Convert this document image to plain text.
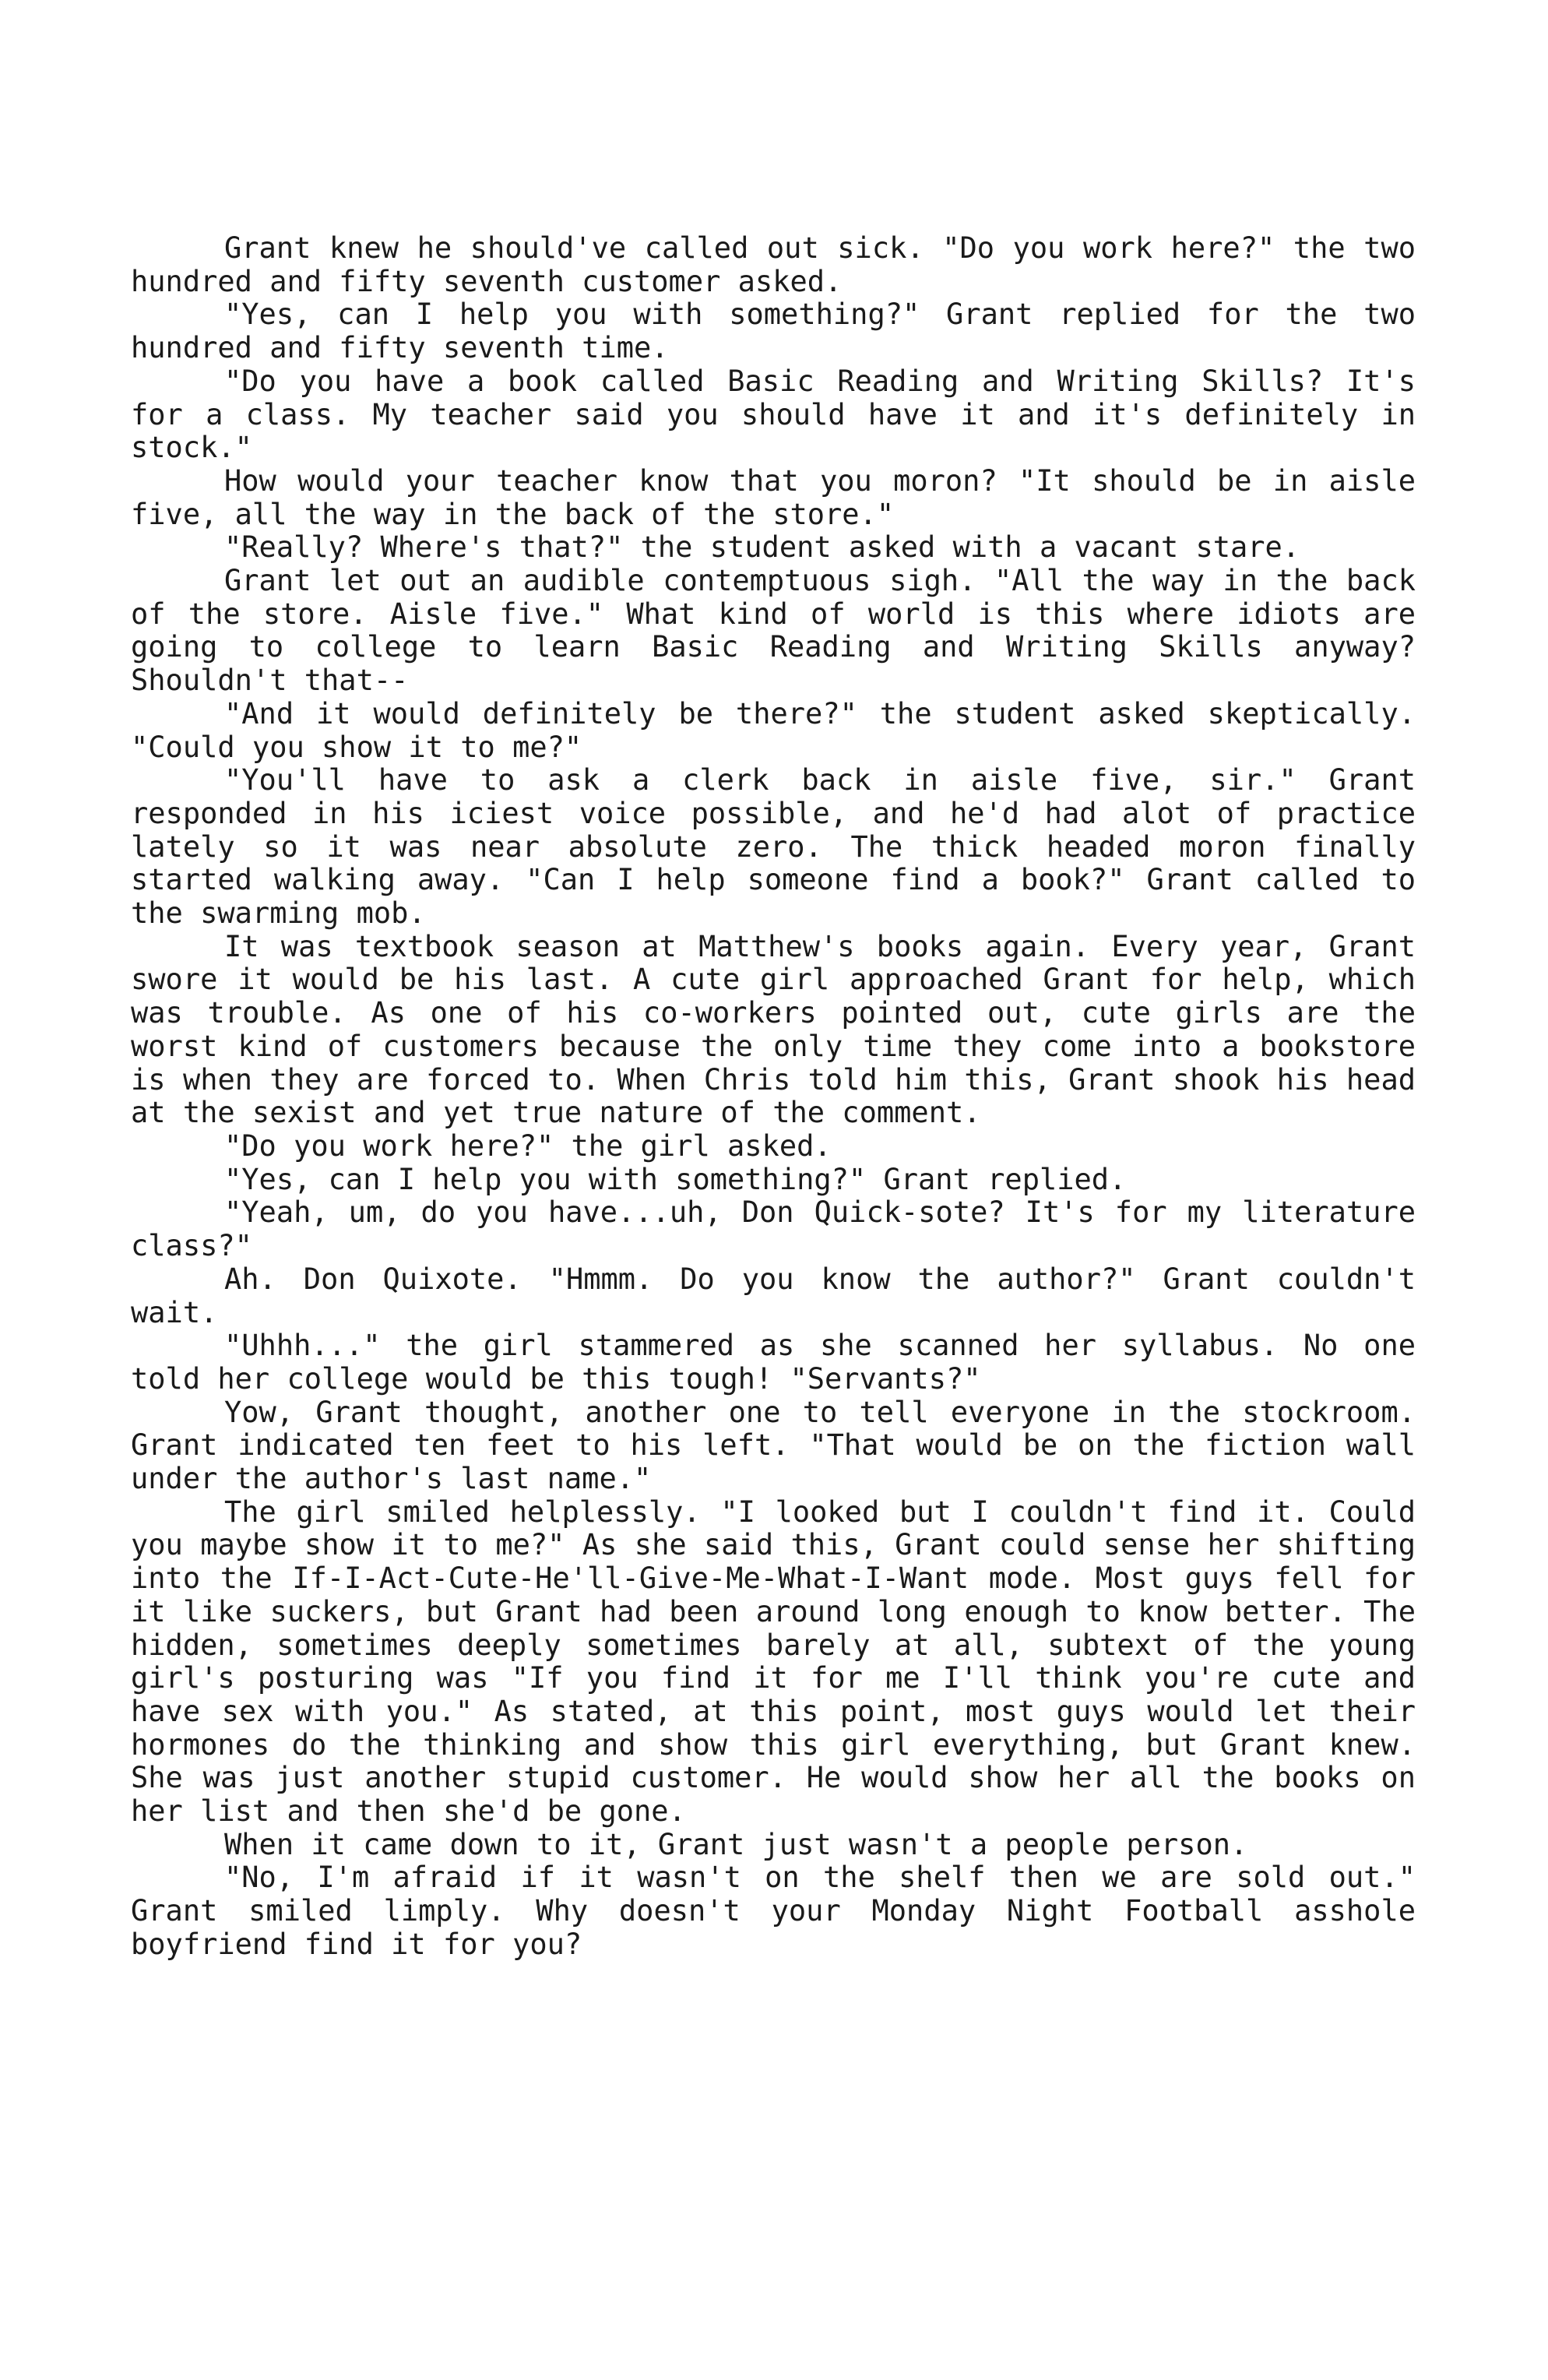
Grant knew he should've called out sick. "Do you work here?" the two hundred and fifty seventh customer asked.

"Yes, can I help you with something?" Grant replied for the two hundred and fifty seventh time.

"Do you have a book called Basic Reading and Writing Skills? It's for a class. My teacher said you should have it and it's definitely in stock."

How would your teacher know that you moron? "It should be in aisle five, all the way in the back of the store."

"Really? Where's that?" the student asked with a vacant stare.

Grant let out an audible contemptuous sigh. "All the way in the back of the store. Aisle five." What kind of world is this where idiots are going to college to learn Basic Reading and Writing Skills anyway? Shouldn't that--

"And it would definitely be there?" the student asked skeptically. "Could you show it to me?"

"You'll have to ask a clerk back in aisle five, sir." Grant responded in his iciest voice possible, and he'd had alot of practice lately so it was near absolute zero. The thick headed moron finally started walking away. "Can I help someone find a book?" Grant called to the swarming mob.

It was textbook season at Matthew's books again. Every year, Grant swore it would be his last. A cute girl approached Grant for help, which was trouble. As one of his co-workers pointed out, cute girls are the worst kind of customers because the only time they come into a bookstore is when they are forced to. When Chris told him this, Grant shook his head at the sexist and yet true nature of the comment.

"Do you work here?" the girl asked.

"Yes, can I help you with something?" Grant replied.

"Yeah, um, do you have...uh, Don Quick-sote? It's for my literature class?"

Ah. Don Quixote. "Hmmm. Do you know the author?" Grant couldn't wait.

"Uhhh..." the girl stammered as she scanned her syllabus. No one told her college would be this tough! "Servants?"

Yow, Grant thought, another one to tell everyone in the stockroom. Grant indicated ten feet to his left. "That would be on the fiction wall under the author's last name."

The girl smiled helplessly. "I looked but I couldn't find it. Could you maybe show it to me?" As she said this, Grant could sense her shifting into the If-I-Act-Cute-He'll-Give-Me-What-I-Want mode. Most guys fell for it like suckers, but Grant had been around long enough to know better. The hidden, sometimes deeply sometimes barely at all, subtext of the young girl's posturing was "If you find it for me I'll think you're cute and have sex with you." As stated, at this point, most guys would let their hormones do the thinking and show this girl everything, but Grant knew. She was just another stupid customer. He would show her all the books on her list and then she'd be gone.

When it came down to it, Grant just wasn't a people person.

"No, I'm afraid if it wasn't on the shelf then we are sold out." Grant smiled limply. Why doesn't your Monday Night Football asshole boyfriend find it for you?
